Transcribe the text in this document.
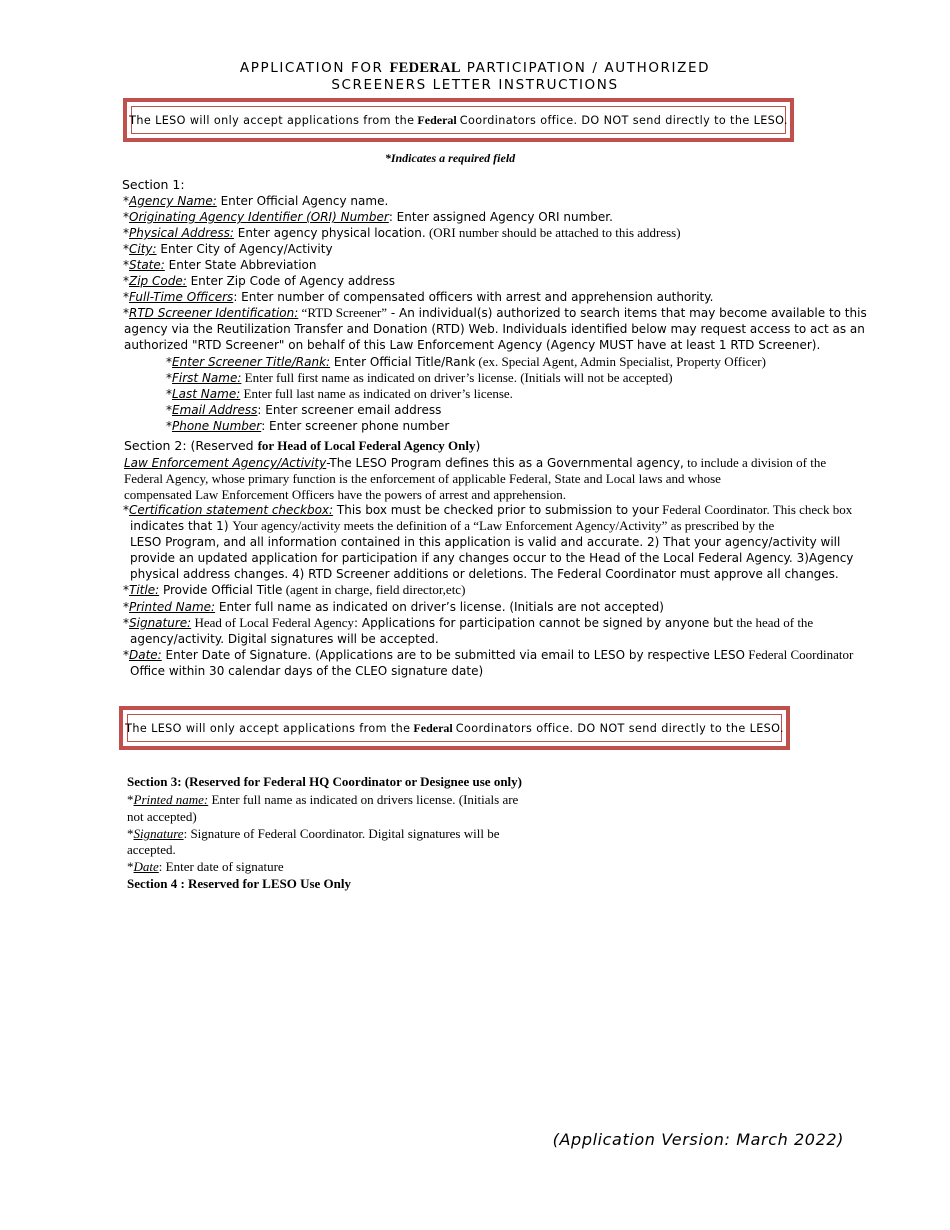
APPLICATION FOR FEDERAL PARTICIPATION / AUTHORIZED
SCREENERS LETTER INSTRUCTIONS
The LESO will only accept applications from the Federal Coordinators office. DO NOT send directly to the LESO.
*Indicates a required field
Section 1:
*Agency Name: Enter Official Agency name.
*Originating Agency Identifier (ORI) Number: Enter assigned Agency ORI number.
*Physical Address: Enter agency physical location. (ORI number should be attached to this address)
*City: Enter City of Agency/Activity
*State: Enter State Abbreviation
*Zip Code: Enter Zip Code of Agency address
*Full-Time Officers: Enter number of compensated officers with arrest and apprehension authority.
*RTD Screener Identification: “RTD Screener” - An individual(s) authorized to search items that may become available to this
agency via the Reutilization Transfer and Donation (RTD) Web. Individuals identified below may request access to act as an
authorized "RTD Screener" on behalf of this Law Enforcement Agency (Agency MUST have at least 1 RTD Screener).
*Enter Screener Title/Rank: Enter Official Title/Rank (ex. Special Agent, Admin Specialist, Property Officer)
*First Name: Enter full first name as indicated on driver’s license. (Initials will not be accepted)
*Last Name: Enter full last name as indicated on driver’s license.
*Email Address: Enter screener email address
*Phone Number: Enter screener phone number
Section 2: (Reserved for Head of Local Federal Agency Only)
Law Enforcement Agency/Activity-The LESO Program defines this as a Governmental agency, to include a division of the
Federal Agency, whose primary function is the enforcement of applicable Federal, State and Local laws and whose
compensated Law Enforcement Officers have the powers of arrest and apprehension.
*Certification statement checkbox: This box must be checked prior to submission to your Federal Coordinator. This check box
indicates that 1) Your agency/activity meets the definition of a “Law Enforcement Agency/Activity” as prescribed by the
LESO Program, and all information contained in this application is valid and accurate. 2) That your agency/activity will
provide an updated application for participation if any changes occur to the Head of the Local Federal Agency. 3)Agency
physical address changes. 4) RTD Screener additions or deletions. The Federal Coordinator must approve all changes.
*Title: Provide Official Title (agent in charge, field director,etc)
*Printed Name: Enter full name as indicated on driver’s license. (Initials are not accepted)
*Signature: Head of Local Federal Agency: Applications for participation cannot be signed by anyone but the head of the
agency/activity. Digital signatures will be accepted.
*Date: Enter Date of Signature. (Applications are to be submitted via email to LESO by respective LESO Federal Coordinator
Office within 30 calendar days of the CLEO signature date)
The LESO will only accept applications from the Federal Coordinators office. DO NOT send directly to the LESO.
Section 3: (Reserved for Federal HQ Coordinator or Designee use only)
*Printed name: Enter full name as indicated on drivers license. (Initials are
not accepted)
*Signature: Signature of Federal Coordinator. Digital signatures will be
accepted.
*Date: Enter date of signature
Section 4 : Reserved for LESO Use Only
(Application Version: March 2022)
